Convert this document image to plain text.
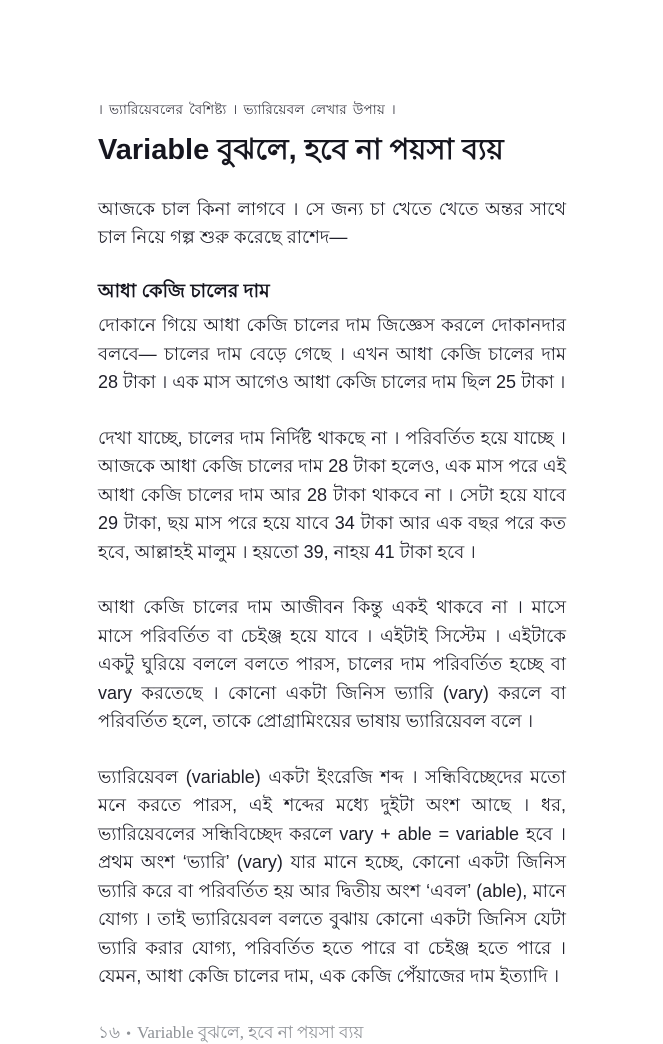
। ভ্যারিয়েবলের বৈশিষ্ট্য । ভ্যারিয়েবল লেখার উপায় ।
Variable বুঝলে, হবে না পয়সা ব্যয়

আজকে চাল কিনা লাগবে । সে জন্য চা খেতে খেতে অন্তর সাথে চাল নিয়ে গল্প শুরু করেছে রাশেদ—

আধা কেজি চালের দাম

দোকানে গিয়ে আধা কেজি চালের দাম জিজ্ঞেস করলে দোকানদার বলবে— চালের দাম বেড়ে গেছে । এখন আধা কেজি চালের দাম 28 টাকা । এক মাস আগেও আধা কেজি চালের দাম ছিল 25 টাকা ।

দেখা যাচ্ছে, চালের দাম নির্দিষ্ট থাকছে না । পরিবর্তিত হয়ে যাচ্ছে । আজকে আধা কেজি চালের দাম 28 টাকা হলেও, এক মাস পরে এই আধা কেজি চালের দাম আর 28 টাকা থাকবে না । সেটা হয়ে যাবে 29 টাকা, ছয় মাস পরে হয়ে যাবে 34 টাকা আর এক বছর পরে কত হবে, আল্লাহই মালুম । হয়তো 39, নাহয় 41 টাকা হবে ।

আধা কেজি চালের দাম আজীবন কিন্তু একই থাকবে না । মাসে মাসে পরিবর্তিত বা চেইঞ্জ হয়ে যাবে । এইটাই সিস্টেম । এইটাকে একটু ঘুরিয়ে বললে বলতে পারস, চালের দাম পরিবর্তিত হচ্ছে বা vary করতেছে । কোনো একটা জিনিস ভ্যারি (vary) করলে বা পরিবর্তিত হলে, তাকে প্রোগ্রামিংয়ের ভাষায় ভ্যারিয়েবল বলে ।

ভ্যারিয়েবল (variable) একটা ইংরেজি শব্দ । সন্ধিবিচ্ছেদের মতো মনে করতে পারস, এই শব্দের মধ্যে দুইটা অংশ আছে । ধর, ভ্যারিয়েবলের সন্ধিবিচ্ছেদ করলে vary + able = variable হবে । প্রথম অংশ ‘ভ্যারি’ (vary) যার মানে হচ্ছে, কোনো একটা জিনিস ভ্যারি করে বা পরিবর্তিত হয় আর দ্বিতীয় অংশ ‘এবল’ (able), মানে যোগ্য । তাই ভ্যারিয়েবল বলতে বুঝায় কোনো একটা জিনিস যেটা ভ্যারি করার যোগ্য, পরিবর্তিত হতে পারে বা চেইঞ্জ হতে পারে । যেমন, আধা কেজি চালের দাম, এক কেজি পেঁয়াজের দাম ইত্যাদি ।

১৬ • Variable বুঝলে, হবে না পয়সা ব্যয়
